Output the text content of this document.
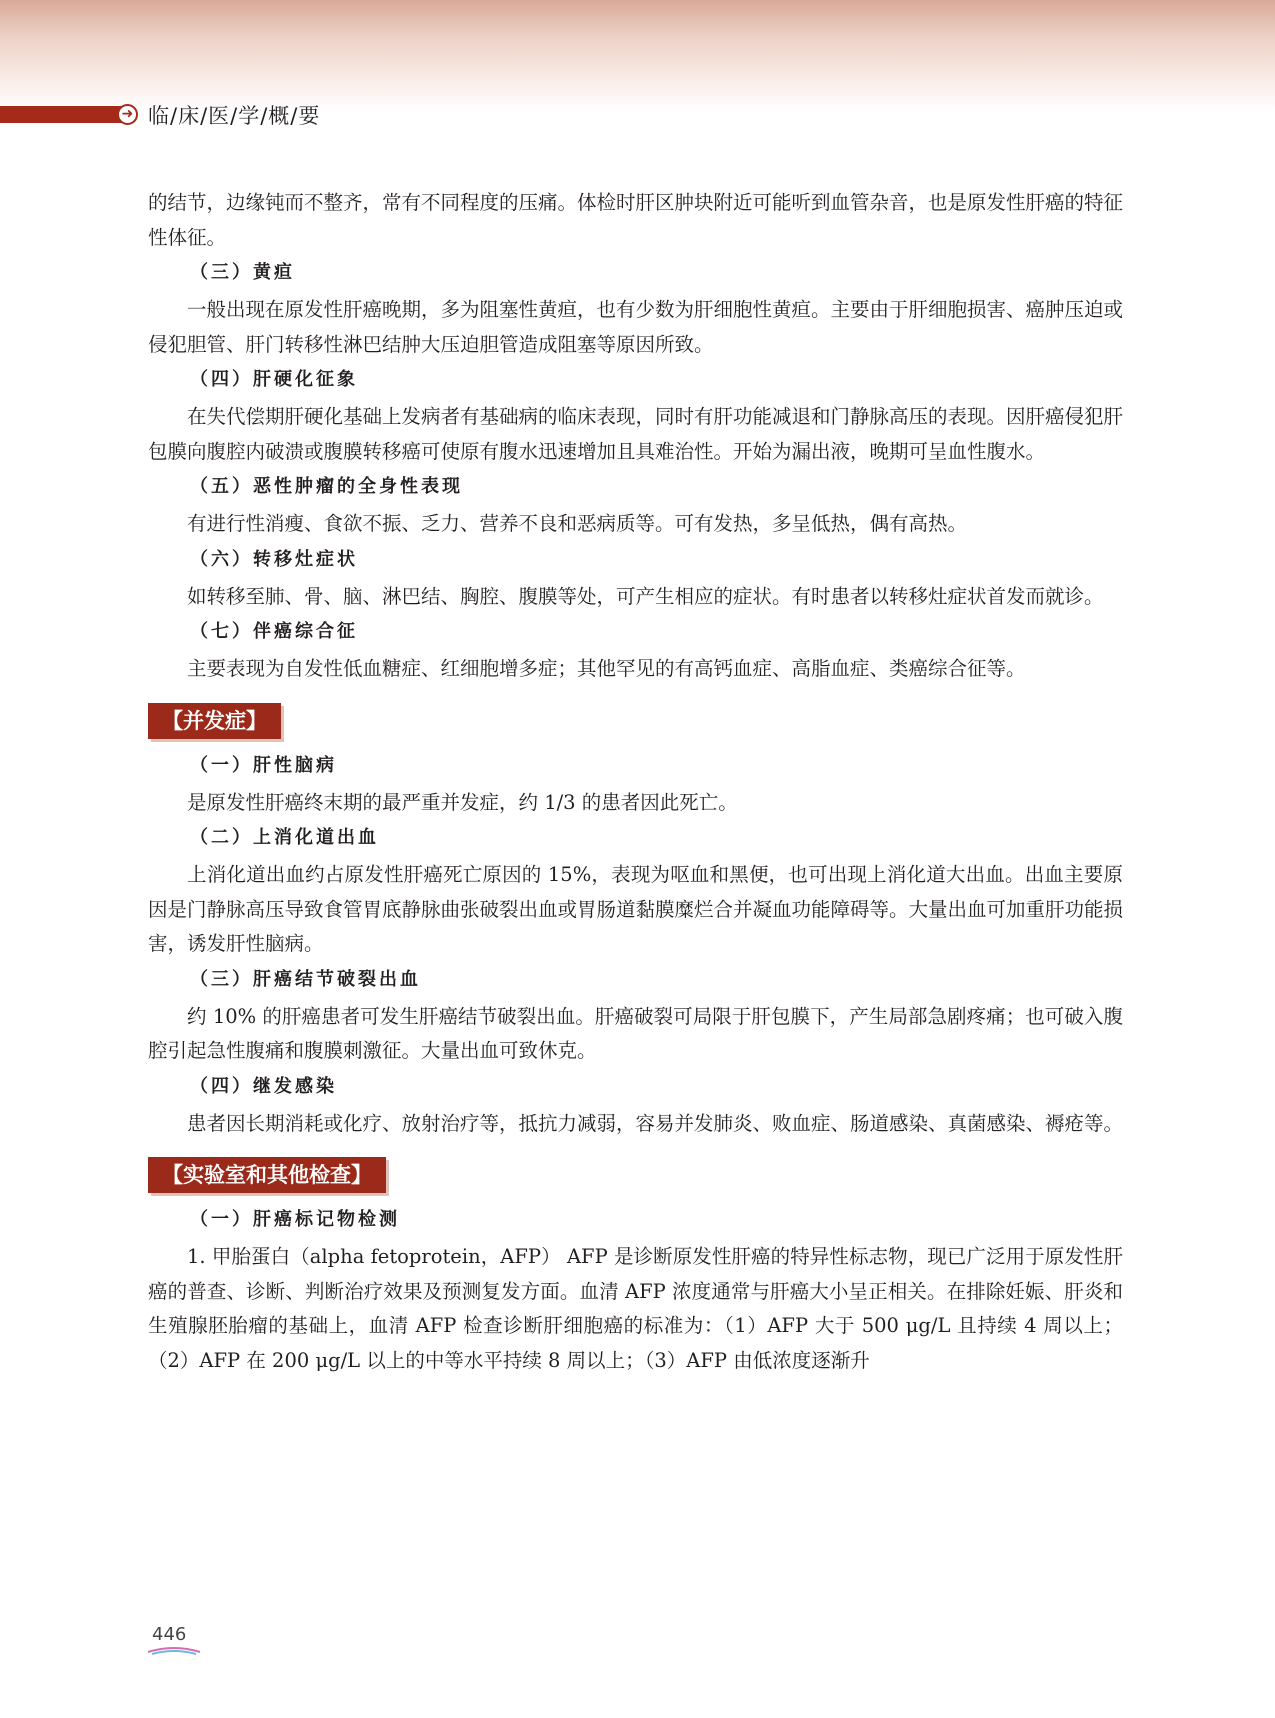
➜ 临/床/医/学/概/要

的结节，边缘钝而不整齐，常有不同程度的压痛。体检时肝区肿块附近可能听到血管杂音，也是原发性肝癌的特征性体征。

（三）黄疸

一般出现在原发性肝癌晚期，多为阻塞性黄疸，也有少数为肝细胞性黄疸。主要由于肝细胞损害、癌肿压迫或侵犯胆管、肝门转移性淋巴结肿大压迫胆管造成阻塞等原因所致。

（四）肝硬化征象

在失代偿期肝硬化基础上发病者有基础病的临床表现，同时有肝功能减退和门静脉高压的表现。因肝癌侵犯肝包膜向腹腔内破溃或腹膜转移癌可使原有腹水迅速增加且具难治性。开始为漏出液，晚期可呈血性腹水。

（五）恶性肿瘤的全身性表现

有进行性消瘦、食欲不振、乏力、营养不良和恶病质等。可有发热，多呈低热，偶有高热。

（六）转移灶症状

如转移至肺、骨、脑、淋巴结、胸腔、腹膜等处，可产生相应的症状。有时患者以转移灶症状首发而就诊。

（七）伴癌综合征

主要表现为自发性低血糖症、红细胞增多症；其他罕见的有高钙血症、高脂血症、类癌综合征等。

【并发症】
（一）肝性脑病

是原发性肝癌终末期的最严重并发症，约 1/3 的患者因此死亡。

（二）上消化道出血

上消化道出血约占原发性肝癌死亡原因的 15%，表现为呕血和黑便，也可出现上消化道大出血。出血主要原因是门静脉高压导致食管胃底静脉曲张破裂出血或胃肠道黏膜糜烂合并凝血功能障碍等。大量出血可加重肝功能损害，诱发肝性脑病。

（三）肝癌结节破裂出血

约 10% 的肝癌患者可发生肝癌结节破裂出血。肝癌破裂可局限于肝包膜下，产生局部急剧疼痛；也可破入腹腔引起急性腹痛和腹膜刺激征。大量出血可致休克。

（四）继发感染

患者因长期消耗或化疗、放射治疗等，抵抗力减弱，容易并发肺炎、败血症、肠道感染、真菌感染、褥疮等。

【实验室和其他检查】
（一）肝癌标记物检测

1. 甲胎蛋白（alpha fetoprotein，AFP） AFP 是诊断原发性肝癌的特异性标志物，现已广泛用于原发性肝癌的普查、诊断、判断治疗效果及预测复发方面。血清 AFP 浓度通常与肝癌大小呈正相关。在排除妊娠、肝炎和生殖腺胚胎瘤的基础上，血清 AFP 检查诊断肝细胞癌的标准为：（1）AFP 大于 500 μg/L 且持续 4 周以上；（2）AFP 在 200 μg/L 以上的中等水平持续 8 周以上；（3）AFP 由低浓度逐渐升

446
